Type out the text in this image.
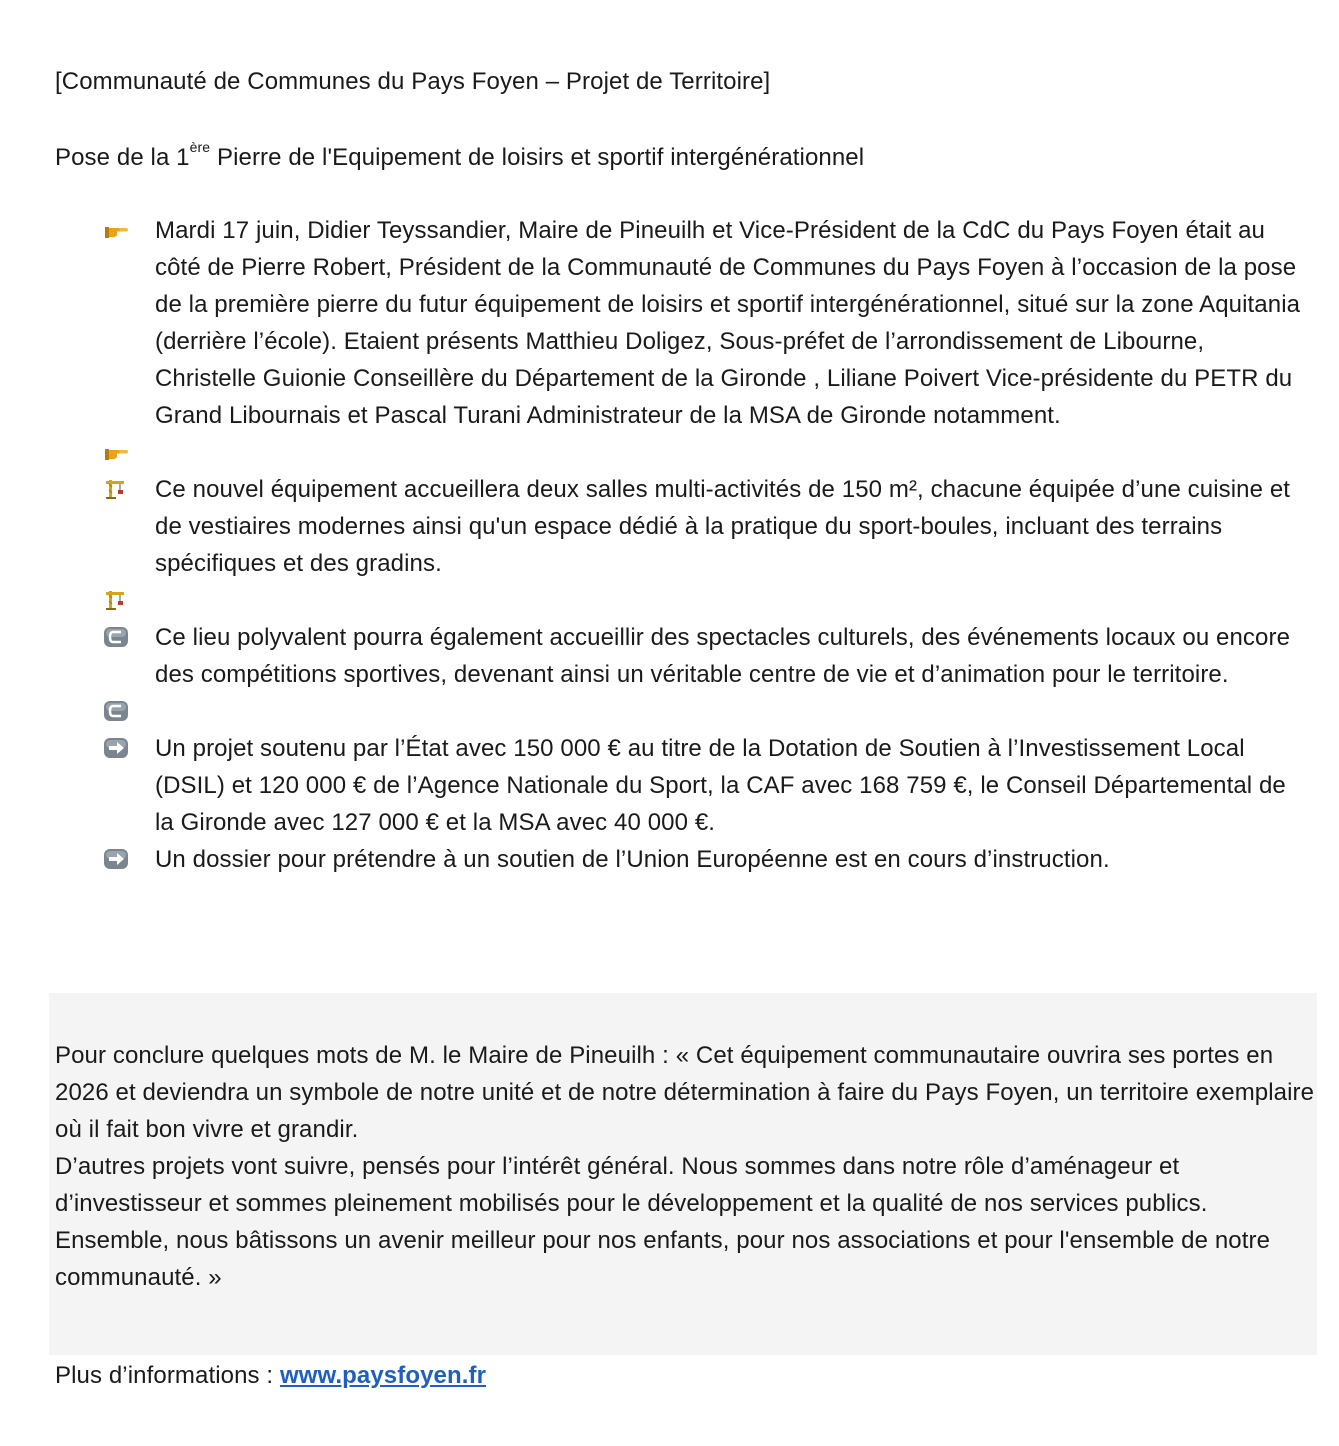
[Communauté de Communes du Pays Foyen – Projet de Territoire]
Pose de la 1ère Pierre de l'Equipement de loisirs et sportif intergénérationnel
Mardi 17 juin, Didier Teyssandier, Maire de Pineuilh et Vice-Président de la CdC du Pays Foyen était au côté de Pierre Robert, Président de la Communauté de Communes du Pays Foyen à l’occasion de la pose de la première pierre du futur équipement de loisirs et sportif intergénérationnel, situé sur la zone Aquitania (derrière l’école). Etaient présents Matthieu Doligez, Sous-préfet de l’arrondissement de Libourne, Christelle Guionie Conseillère du Département de la Gironde , Liliane Poivert Vice-présidente du PETR du Grand Libournais et Pascal Turani Administrateur de la MSA de Gironde notamment.
Ce nouvel équipement accueillera deux salles multi-activités de 150 m², chacune équipée d’une cuisine et de vestiaires modernes ainsi qu'un espace dédié à la pratique du sport-boules, incluant des terrains spécifiques et des gradins.
Ce lieu polyvalent pourra également accueillir des spectacles culturels, des événements locaux ou encore des compétitions sportives, devenant ainsi un véritable centre de vie et d’animation pour le territoire.
Un projet soutenu par l’État avec 150 000 € au titre de la Dotation de Soutien à l’Investissement Local (DSIL) et 120 000 € de l’Agence Nationale du Sport, la CAF avec 168 759 €, le Conseil Départemental de la Gironde avec 127 000 € et la MSA avec 40 000 €.
Un dossier pour prétendre à un soutien de l’Union Européenne est en cours d’instruction.

Pour conclure quelques mots de M. le Maire de Pineuilh : « Cet équipement communautaire ouvrira ses portes en 2026 et deviendra un symbole de notre unité et de notre détermination à faire du Pays Foyen, un territoire exemplaire où il fait bon vivre et grandir.

D’autres projets vont suivre, pensés pour l’intérêt général. Nous sommes dans notre rôle d’aménageur et d’investisseur et sommes pleinement mobilisés pour le développement et la qualité de nos services publics.

Ensemble, nous bâtissons un avenir meilleur pour nos enfants, pour nos associations et pour l'ensemble de notre communauté. »

Plus d’informations : www.paysfoyen.fr
